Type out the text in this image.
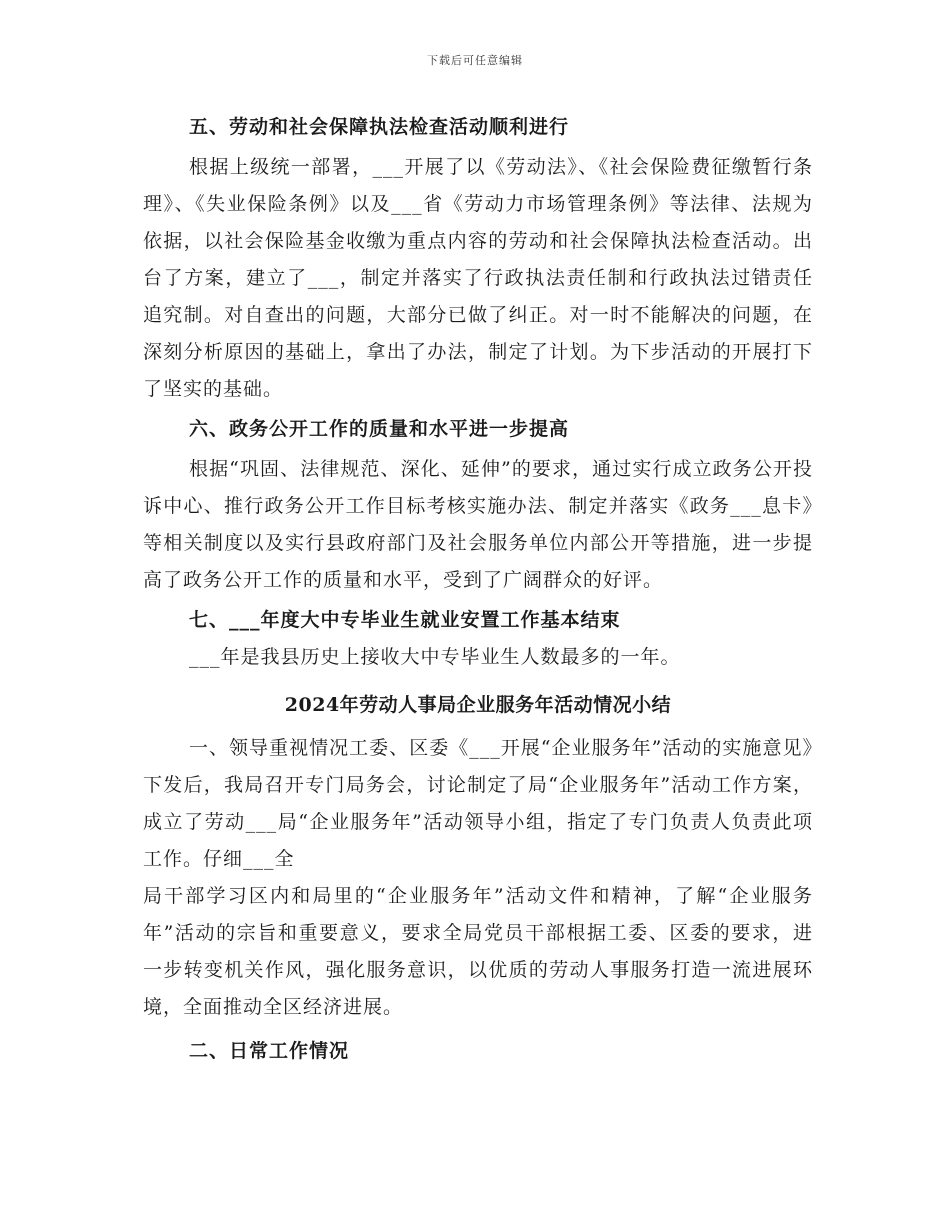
下载后可任意编辑

五、劳动和社会保障执法检查活动顺利进行

根据上级统一部署，___开展了以《劳动法》、《社会保险费征缴暂行条理》、《失业保险条例》以及___省《劳动力市场管理条例》等法律、法规为依据，以社会保险基金收缴为重点内容的劳动和社会保障执法检查活动。出台了方案，建立了___，制定并落实了行政执法责任制和行政执法过错责任追究制。对自查出的问题，大部分已做了纠正。对一时不能解决的问题，在深刻分析原因的基础上，拿出了办法，制定了计划。为下步活动的开展打下了坚实的基础。

六、政务公开工作的质量和水平进一步提高

根据“巩固、法律规范、深化、延伸”的要求，通过实行成立政务公开投诉中心、推行政务公开工作目标考核实施办法、制定并落实《政务___息卡》等相关制度以及实行县政府部门及社会服务单位内部公开等措施，进一步提高了政务公开工作的质量和水平，受到了广阔群众的好评。

七、___年度大中专毕业生就业安置工作基本结束

___年是我县历史上接收大中专毕业生人数最多的一年。

2024年劳动人事局企业服务年活动情况小结

一、领导重视情况工委、区委《___开展“企业服务年”活动的实施意见》下发后，我局召开专门局务会，讨论制定了局“企业服务年”活动工作方案，成立了劳动___局“企业服务年”活动领导小组，指定了专门负责人负责此项工作。仔细___全

局干部学习区内和局里的“企业服务年”活动文件和精神，了解“企业服务年”活动的宗旨和重要意义，要求全局党员干部根据工委、区委的要求，进一步转变机关作风，强化服务意识，以优质的劳动人事服务打造一流进展环境，全面推动全区经济进展。

二、日常工作情况
